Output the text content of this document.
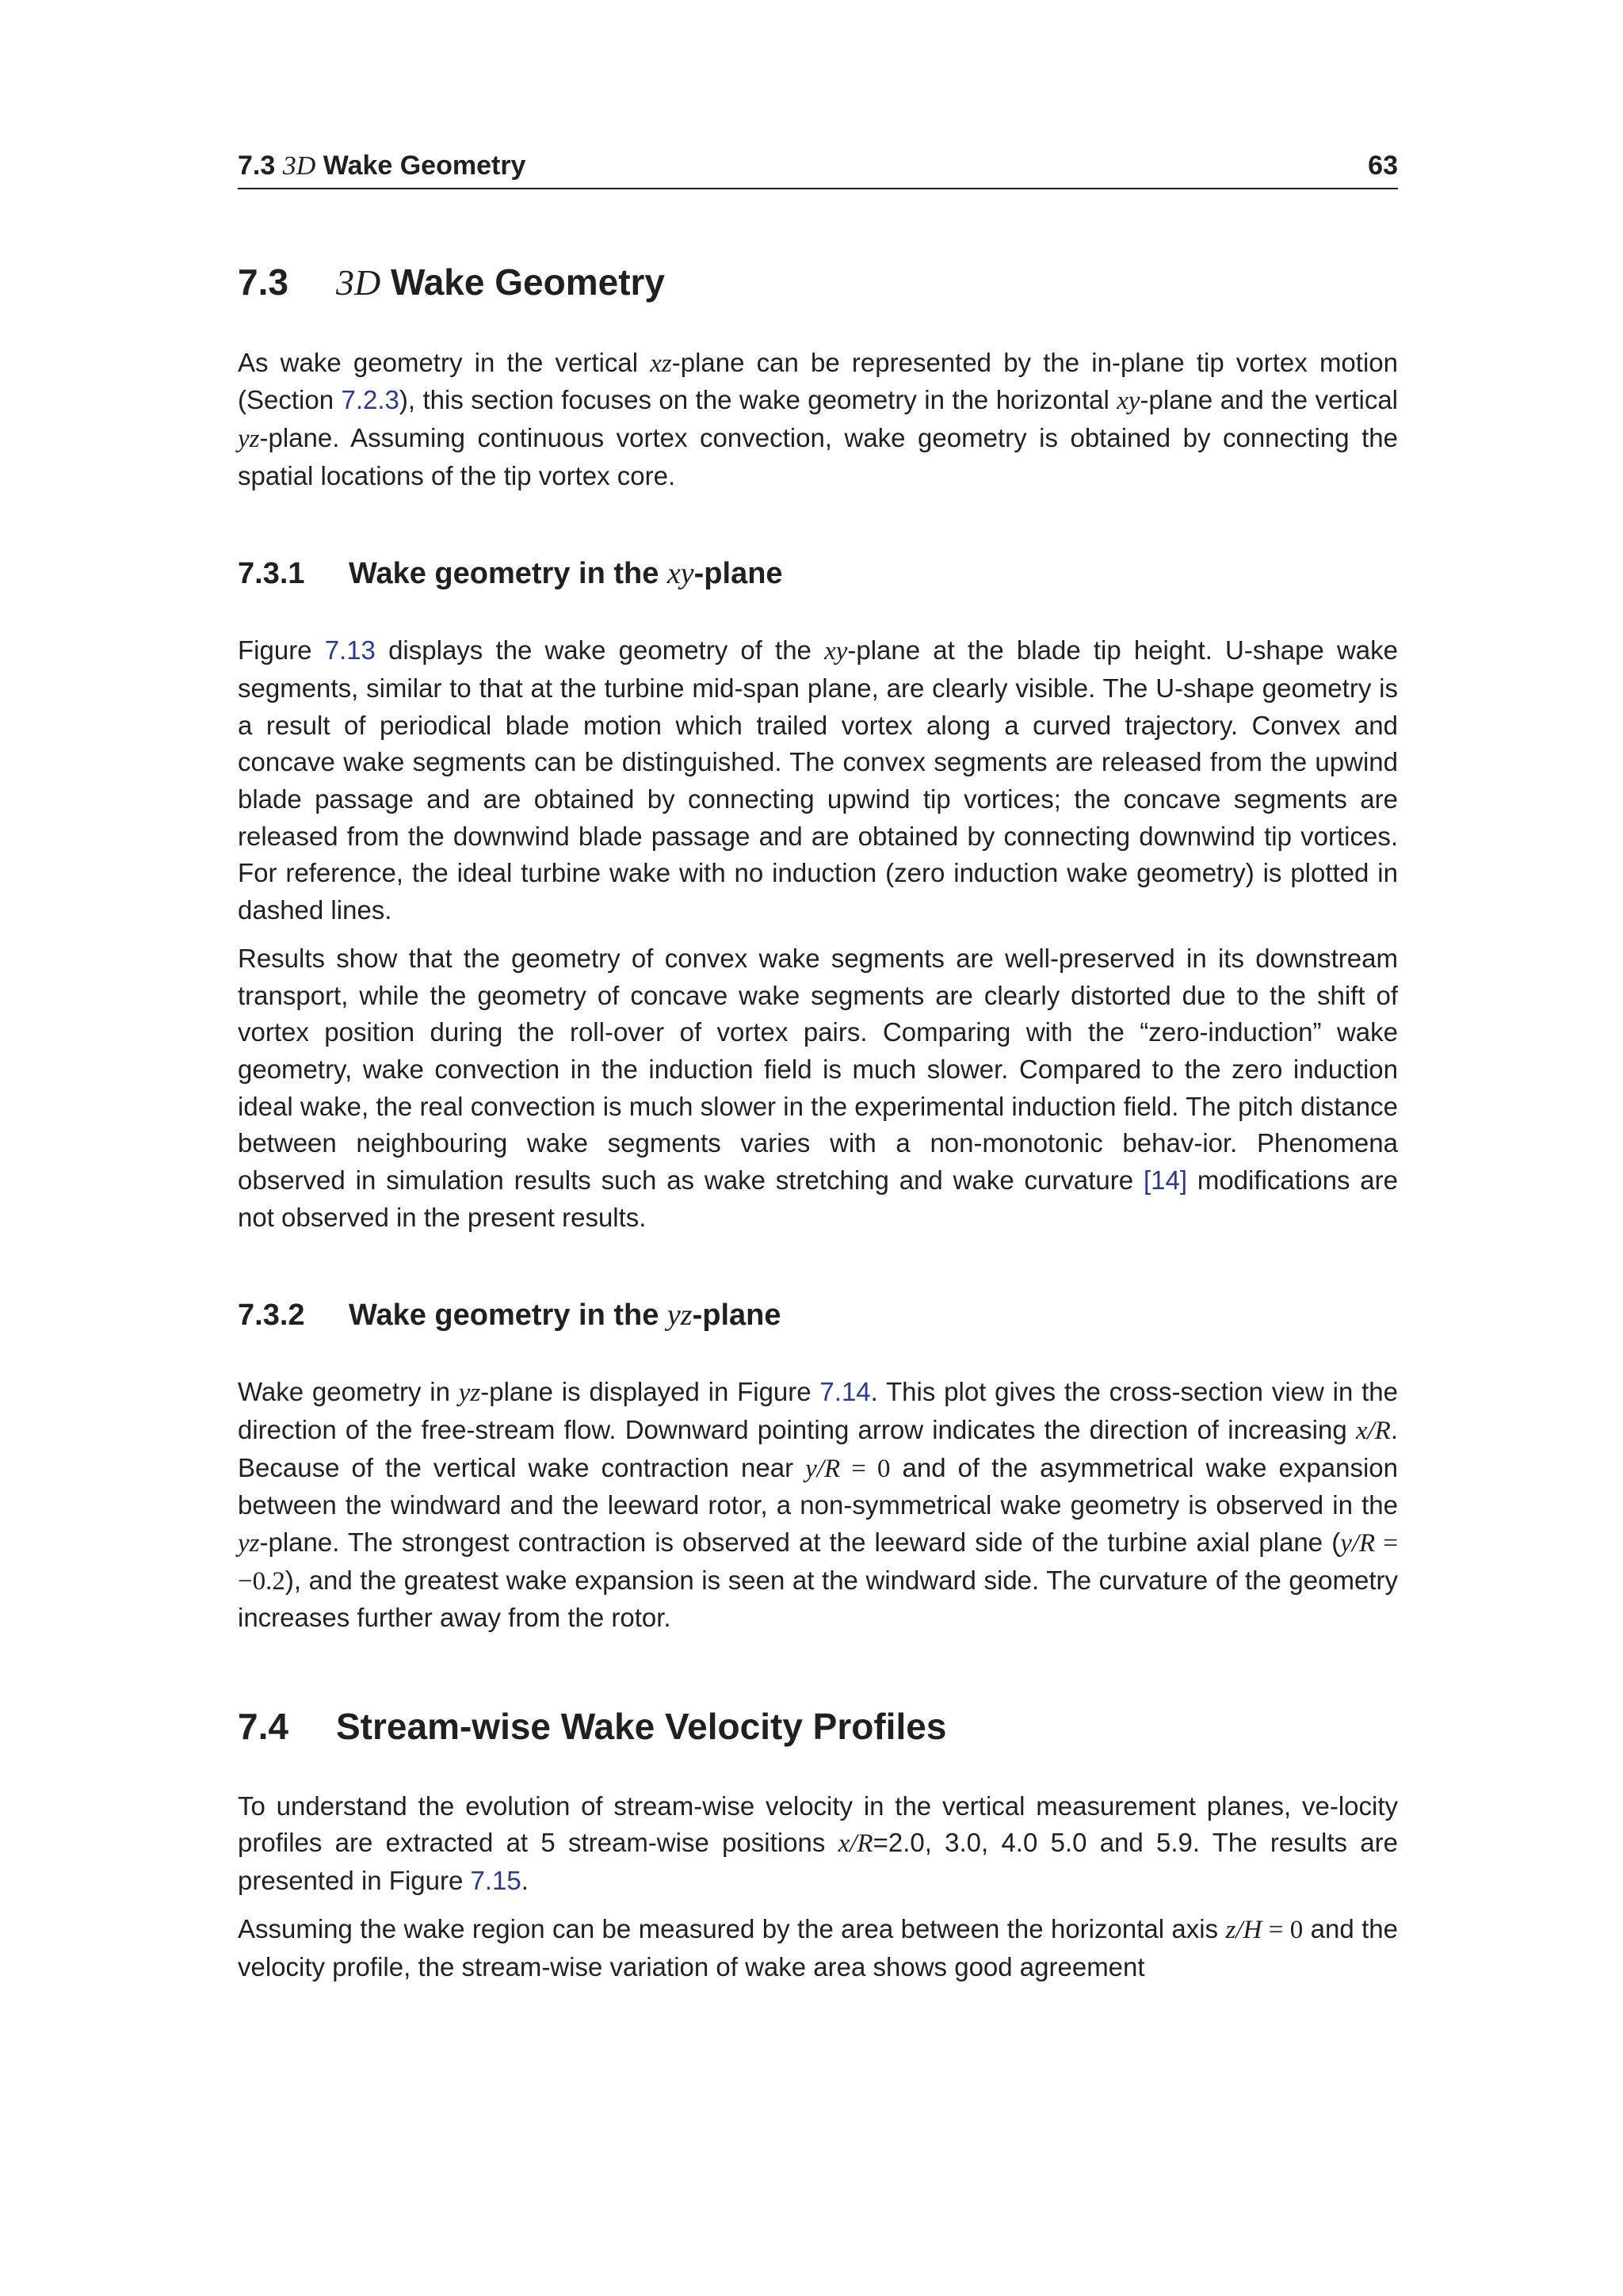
7.3 3D Wake Geometry	63
7.3 3D Wake Geometry

As wake geometry in the vertical xz-plane can be represented by the in-plane tip vortex motion (Section 7.2.3), this section focuses on the wake geometry in the horizontal xy-plane and the vertical yz-plane. Assuming continuous vortex convection, wake geometry is obtained by connecting the spatial locations of the tip vortex core.

7.3.1 Wake geometry in the xy-plane

Figure 7.13 displays the wake geometry of the xy-plane at the blade tip height. U-shape wake segments, similar to that at the turbine mid-span plane, are clearly visible. The U-shape geometry is a result of periodical blade motion which trailed vortex along a curved trajectory. Convex and concave wake segments can be distinguished. The convex segments are released from the upwind blade passage and are obtained by connecting upwind tip vortices; the concave segments are released from the downwind blade passage and are obtained by connecting downwind tip vortices. For reference, the ideal turbine wake with no induction (zero induction wake geometry) is plotted in dashed lines.

Results show that the geometry of convex wake segments are well-preserved in its downstream transport, while the geometry of concave wake segments are clearly distorted due to the shift of vortex position during the roll-over of vortex pairs. Comparing with the “zero-induction” wake geometry, wake convection in the induction field is much slower. Compared to the zero induction ideal wake, the real convection is much slower in the experimental induction field. The pitch distance between neighbouring wake segments varies with a non-monotonic behav-ior. Phenomena observed in simulation results such as wake stretching and wake curvature [14] modifications are not observed in the present results.

7.3.2 Wake geometry in the yz-plane

Wake geometry in yz-plane is displayed in Figure 7.14. This plot gives the cross-section view in the direction of the free-stream flow. Downward pointing arrow indicates the direction of increasing x/R. Because of the vertical wake contraction near y/R = 0 and of the asymmetrical wake expansion between the windward and the leeward rotor, a non-symmetrical wake geometry is observed in the yz-plane. The strongest contraction is observed at the leeward side of the turbine axial plane (y/R = −0.2), and the greatest wake expansion is seen at the windward side. The curvature of the geometry increases further away from the rotor.

7.4 Stream-wise Wake Velocity Profiles

To understand the evolution of stream-wise velocity in the vertical measurement planes, ve-locity profiles are extracted at 5 stream-wise positions x/R=2.0, 3.0, 4.0 5.0 and 5.9. The results are presented in Figure 7.15.

Assuming the wake region can be measured by the area between the horizontal axis z/H = 0 and the velocity profile, the stream-wise variation of wake area shows good agreement
